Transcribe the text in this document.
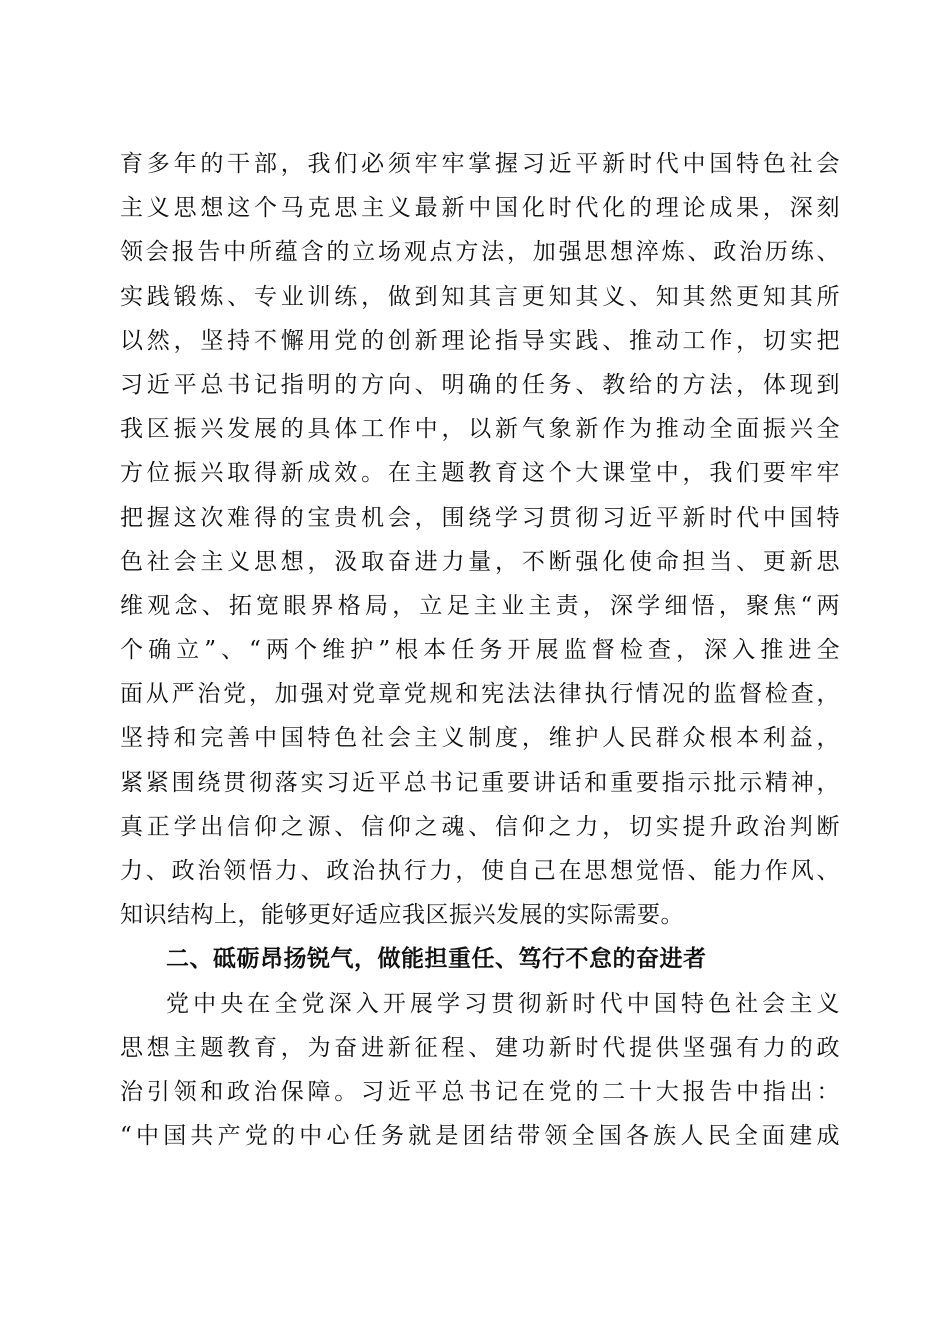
育多年的干部，我们必须牢牢掌握习近平新时代中国特色社会
主义思想这个马克思主义最新中国化时代化的理论成果，深刻
领会报告中所蕴含的立场观点方法，加强思想淬炼、政治历练、
实践锻炼、专业训练，做到知其言更知其义、知其然更知其所
以然，坚持不懈用党的创新理论指导实践、推动工作，切实把
习近平总书记指明的方向、明确的任务、教给的方法，体现到
我区振兴发展的具体工作中，以新气象新作为推动全面振兴全
方位振兴取得新成效。在主题教育这个大课堂中，我们要牢牢
把握这次难得的宝贵机会，围绕学习贯彻习近平新时代中国特
色社会主义思想，汲取奋进力量，不断强化使命担当、更新思
维观念、拓宽眼界格局，立足主业主责，深学细悟，聚焦“两
个确立”、“两个维护”根本任务开展监督检查，深入推进全
面从严治党，加强对党章党规和宪法法律执行情况的监督检查，
坚持和完善中国特色社会主义制度，维护人民群众根本利益，
紧紧围绕贯彻落实习近平总书记重要讲话和重要指示批示精神，
真正学出信仰之源、信仰之魂、信仰之力，切实提升政治判断
力、政治领悟力、政治执行力，使自己在思想觉悟、能力作风、
知识结构上，能够更好适应我区振兴发展的实际需要。
二、砥砺昂扬锐气，做能担重任、笃行不怠的奋进者
党中央在全党深入开展学习贯彻新时代中国特色社会主义
思想主题教育，为奋进新征程、建功新时代提供坚强有力的政
治引领和政治保障。习近平总书记在党的二十大报告中指出：
“中国共产党的中心任务就是团结带领全国各族人民全面建成
